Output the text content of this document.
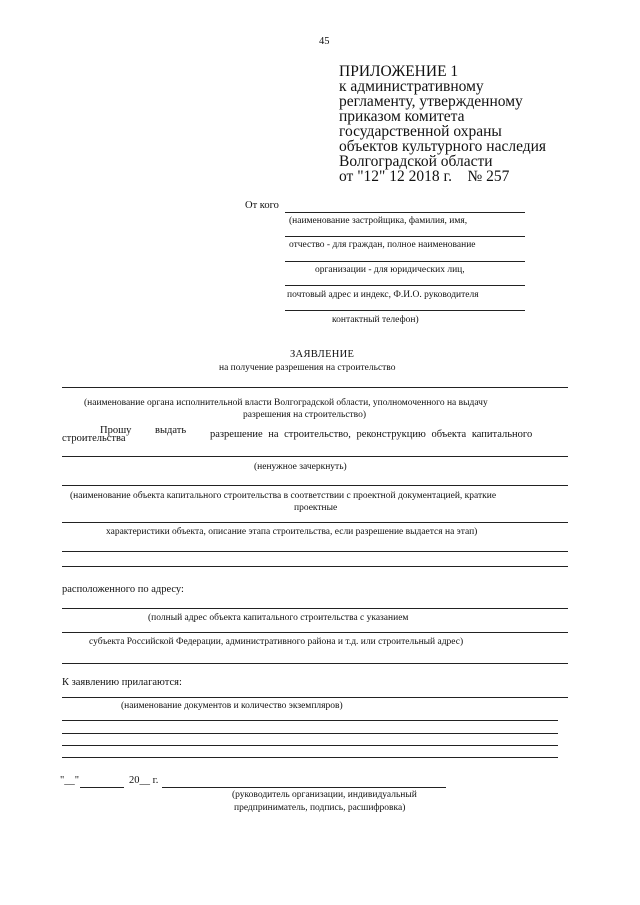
45
ПРИЛОЖЕНИЕ 1
к административному
регламенту, утвержденному
приказом комитета
государственной охраны
объектов культурного наследия
Волгоградской области
от "12" 12 2018 г.    № 257
От кого
(наименование застройщика, фамилия, имя,
отчество - для граждан, полное наименование
организации - для юридических лиц,
почтовый адрес и индекс, Ф.И.О. руководителя
контактный телефон)
ЗАЯВЛЕНИЕ
на получение разрешения на строительство
(наименование органа исполнительной власти Волгоградской области, уполномоченного на выдачу
разрешения на строительство)
Прошу выдать разрешение на строительство, реконструкцию объекта капитального
строительства
(ненужное зачеркнуть)
(наименование объекта капитального строительства в соответствии с проектной документацией, краткие
проектные
характеристики объекта, описание этапа строительства, если разрешение выдается на этап)
расположенного по адресу:
(полный адрес объекта капитального строительства с указанием
субъекта Российской Федерации, административного района и т.д. или строительный адрес)
К заявлению прилагаются:
(наименование документов и количество экземпляров)
"__"	20__ г.
(руководитель организации, индивидуальный
предприниматель, подпись, расшифровка)
